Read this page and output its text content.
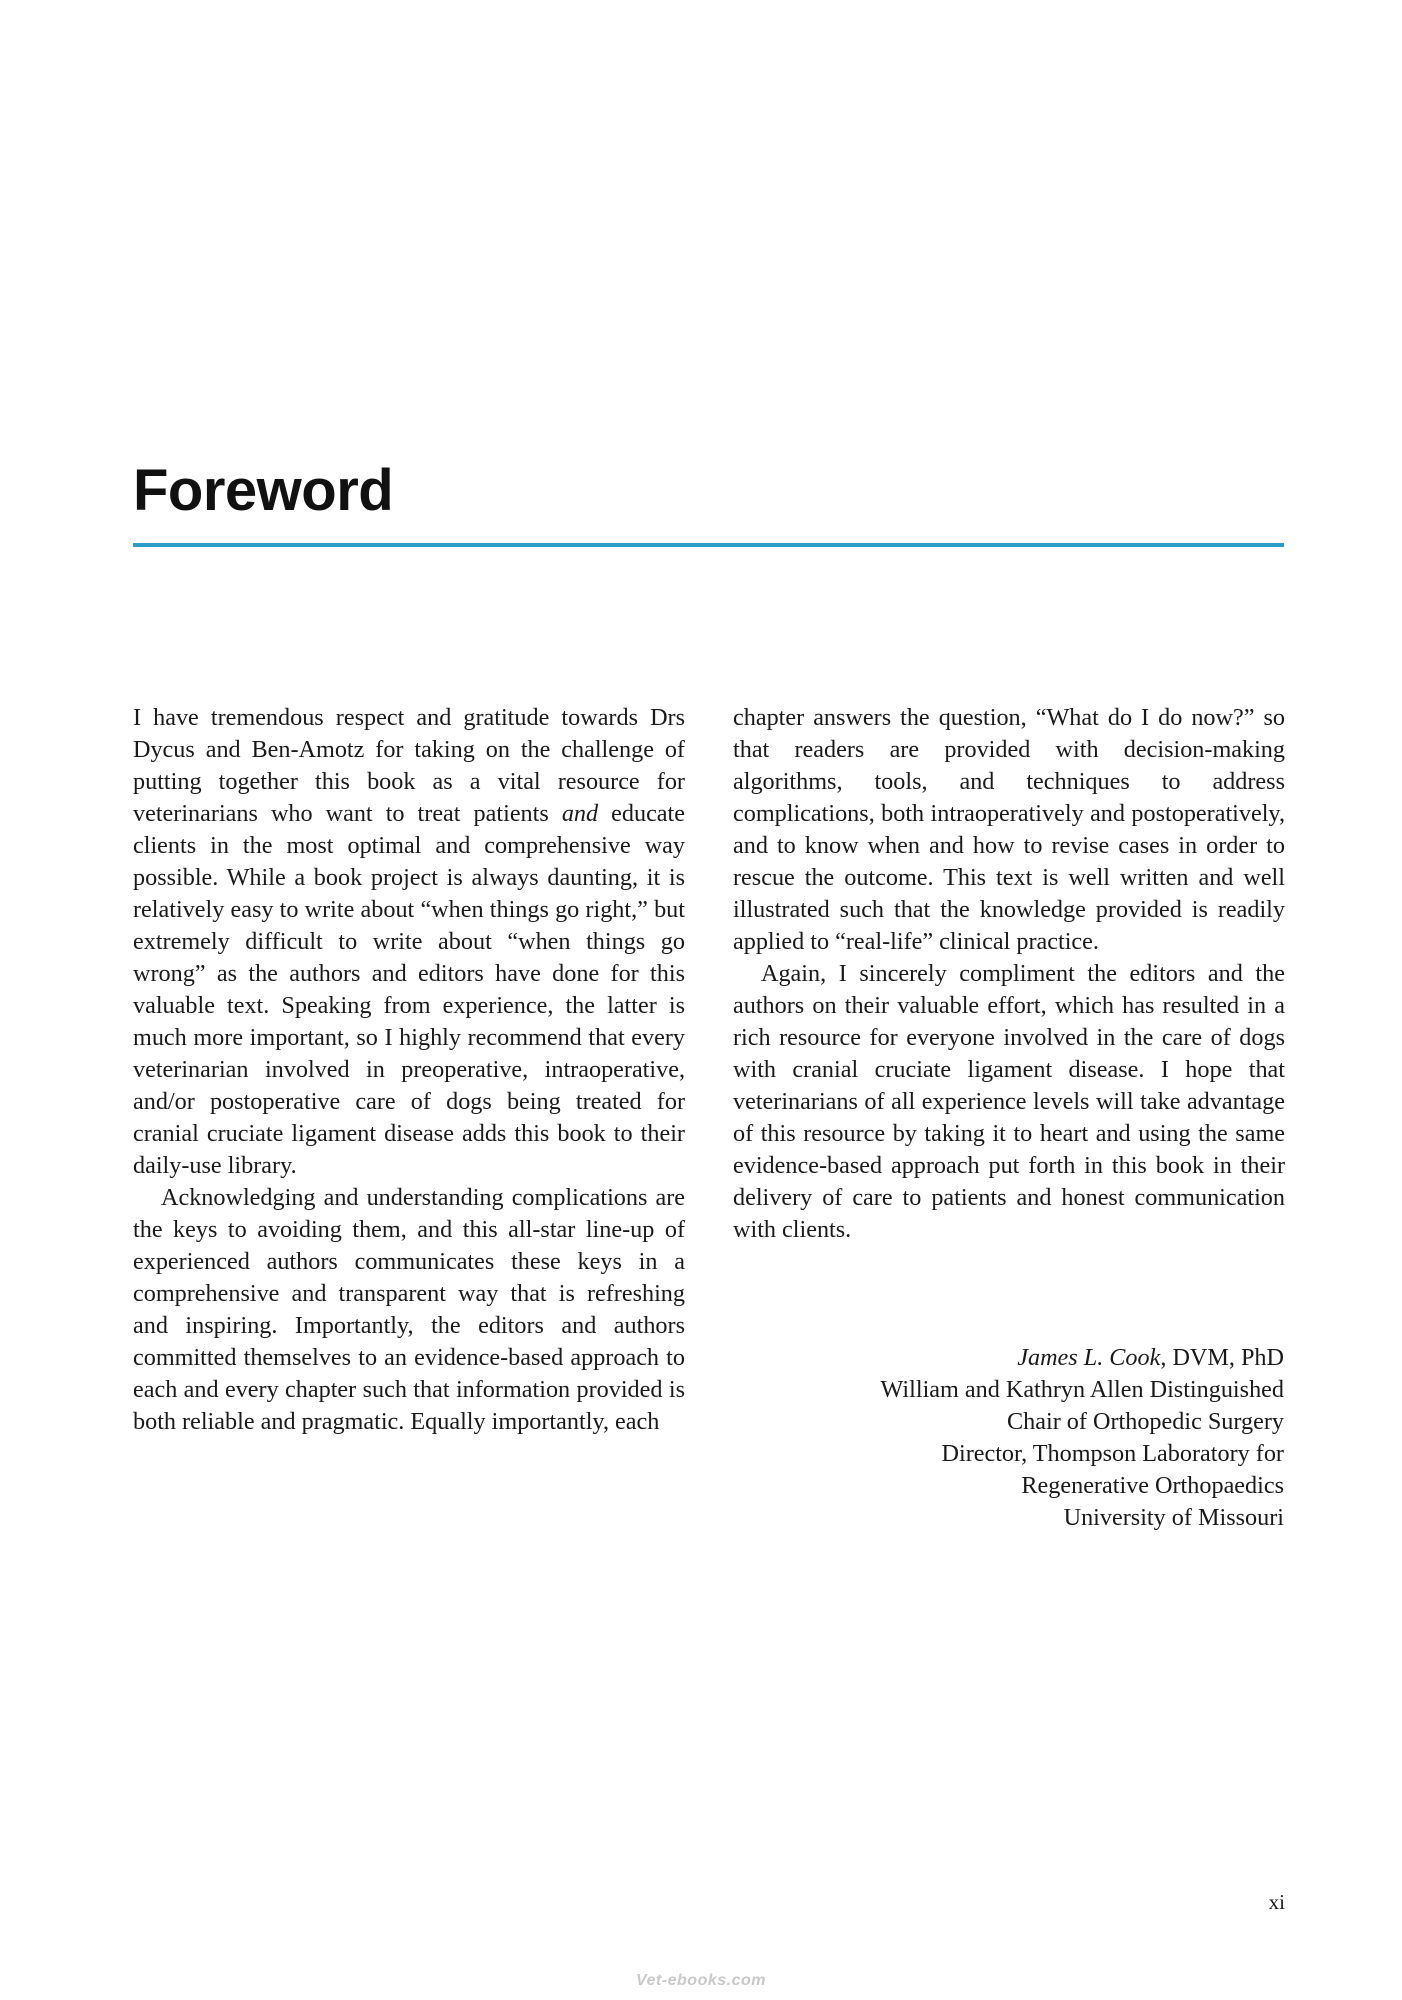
Foreword

I have tremendous respect and gratitude towards Drs Dycus and Ben-Amotz for taking on the challenge of putting together this book as a vital resource for veterinarians who want to treat patients and educate clients in the most optimal and comprehensive way possible. While a book project is always daunting, it is relatively easy to write about “when things go right,” but extremely difficult to write about “when things go wrong” as the authors and editors have done for this valuable text. Speaking from experience, the latter is much more important, so I highly recommend that every veterinarian involved in preoperative, intraoperative, and/or postoperative care of dogs being treated for cranial cruciate ligament disease adds this book to their daily-use library.

Acknowledging and understanding complications are the keys to avoiding them, and this all-star line-up of experienced authors communicates these keys in a comprehensive and transparent way that is refreshing and inspiring. Importantly, the editors and authors committed themselves to an evidence-based approach to each and every chapter such that information provided is both reliable and pragmatic. Equally importantly, each

chapter answers the question, “What do I do now?” so that readers are provided with decision-making algorithms, tools, and techniques to address complications, both intraoperatively and postoperatively, and to know when and how to revise cases in order to rescue the outcome. This text is well written and well illustrated such that the knowledge provided is readily applied to “real-life” clinical practice.

Again, I sincerely compliment the editors and the authors on their valuable effort, which has resulted in a rich resource for everyone involved in the care of dogs with cranial cruciate ligament disease. I hope that veterinarians of all experience levels will take advantage of this resource by taking it to heart and using the same evidence-based approach put forth in this book in their delivery of care to patients and honest communication with clients.

James L. Cook, DVM, PhD
William and Kathryn Allen Distinguished
Chair of Orthopedic Surgery
Director, Thompson Laboratory for
Regenerative Orthopaedics
University of Missouri
xi
Vet-ebooks.com
